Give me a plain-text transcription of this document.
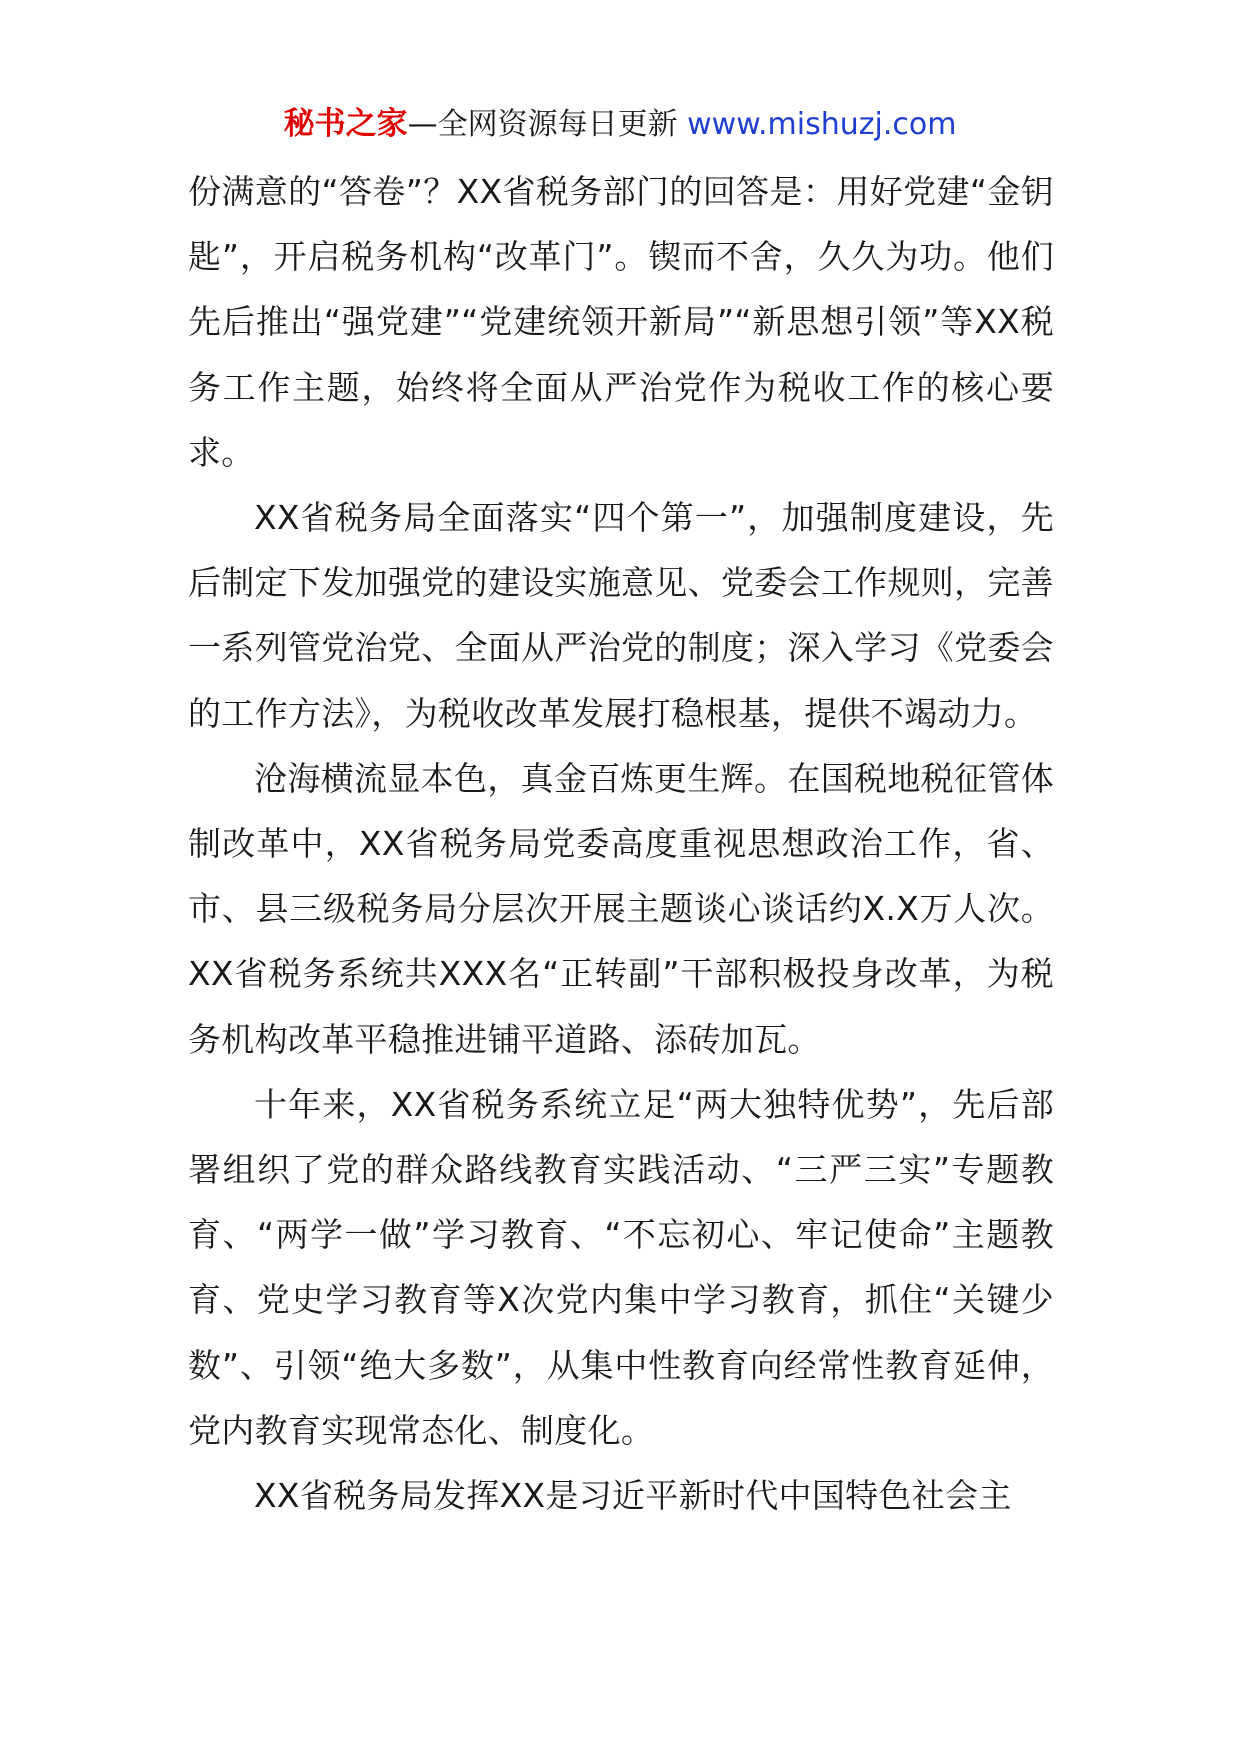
秘书之家—全网资源每日更新 www.mishuzj.com

份满意的“答卷”？XX省税务部门的回答是：用好党建“金钥匙”，开启税务机构“改革门”。锲而不舍，久久为功。他们先后推出“强党建”“党建统领开新局”“新思想引领”等XX税务工作主题，始终将全面从严治党作为税收工作的核心要求。

XX省税务局全面落实“四个第一”，加强制度建设，先后制定下发加强党的建设实施意见、党委会工作规则，完善一系列管党治党、全面从严治党的制度；深入学习《党委会的工作方法》，为税收改革发展打稳根基，提供不竭动力。

沧海横流显本色，真金百炼更生辉。在国税地税征管体制改革中，XX省税务局党委高度重视思想政治工作，省、市、县三级税务局分层次开展主题谈心谈话约X.X万人次。XX省税务系统共XXX名“正转副”干部积极投身改革，为税务机构改革平稳推进铺平道路、添砖加瓦。

十年来，XX省税务系统立足“两大独特优势”，先后部署组织了党的群众路线教育实践活动、“三严三实”专题教育、“两学一做”学习教育、“不忘初心、牢记使命”主题教育、党史学习教育等X次党内集中学习教育，抓住“关键少数”、引领“绝大多数”，从集中性教育向经常性教育延伸，党内教育实现常态化、制度化。

XX省税务局发挥XX是习近平新时代中国特色社会主
